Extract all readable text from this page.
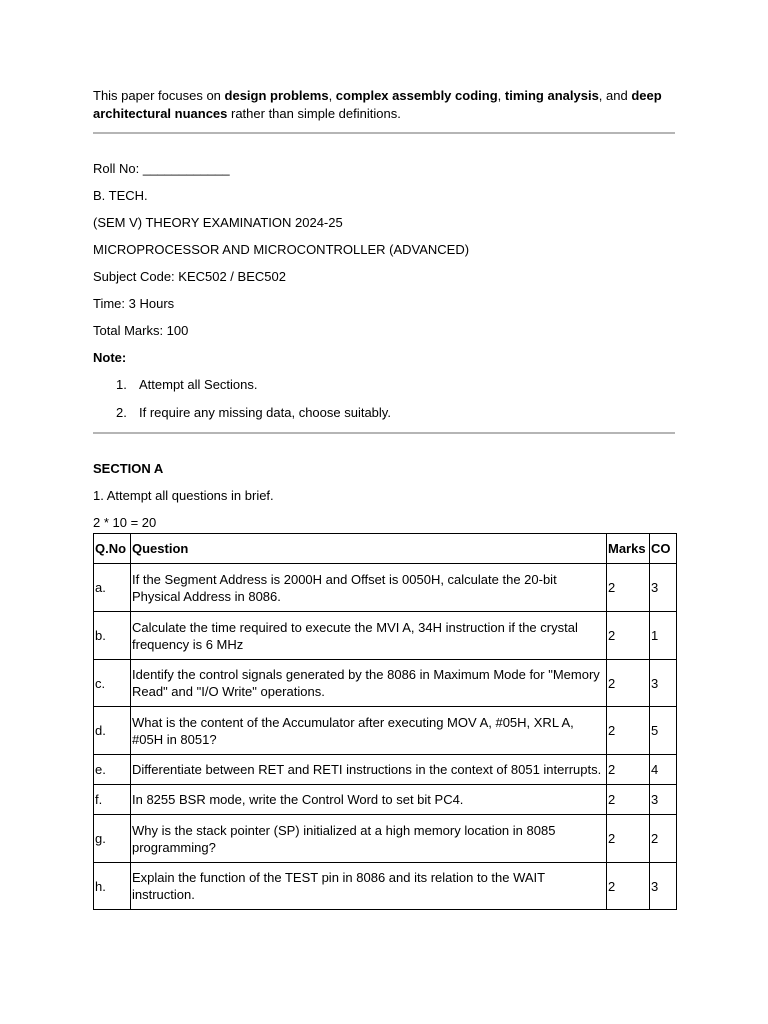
This paper focuses on design problems, complex assembly coding, timing analysis, and deep architectural nuances rather than simple definitions.

Roll No: ____________

B. TECH.

(SEM V) THEORY EXAMINATION 2024-25

MICROPROCESSOR AND MICROCONTROLLER (ADVANCED)

Subject Code: KEC502 / BEC502

Time: 3 Hours

Total Marks: 100

Note:

1. Attempt all Sections.
2. If require any missing data, choose suitably.

SECTION A

1. Attempt all questions in brief.

2 * 10 = 20

Q.No	Question	Marks	CO
a.	If the Segment Address is 2000H and Offset is 0050H, calculate the 20-bit Physical Address in 8086.	2	3
b.	Calculate the time required to execute the MVI A, 34H instruction if the crystal frequency is 6 MHz	2	1
c.	Identify the control signals generated by the 8086 in Maximum Mode for "Memory Read" and "I/O Write" operations.	2	3
d.	What is the content of the Accumulator after executing MOV A, #05H, XRL A, #05H in 8051?	2	5
e.	Differentiate between RET and RETI instructions in the context of 8051 interrupts.	2	4
f.	In 8255 BSR mode, write the Control Word to set bit PC4.	2	3
g.	Why is the stack pointer (SP) initialized at a high memory location in 8085 programming?	2	2
h.	Explain the function of the TEST pin in 8086 and its relation to the WAIT instruction.	2	3
